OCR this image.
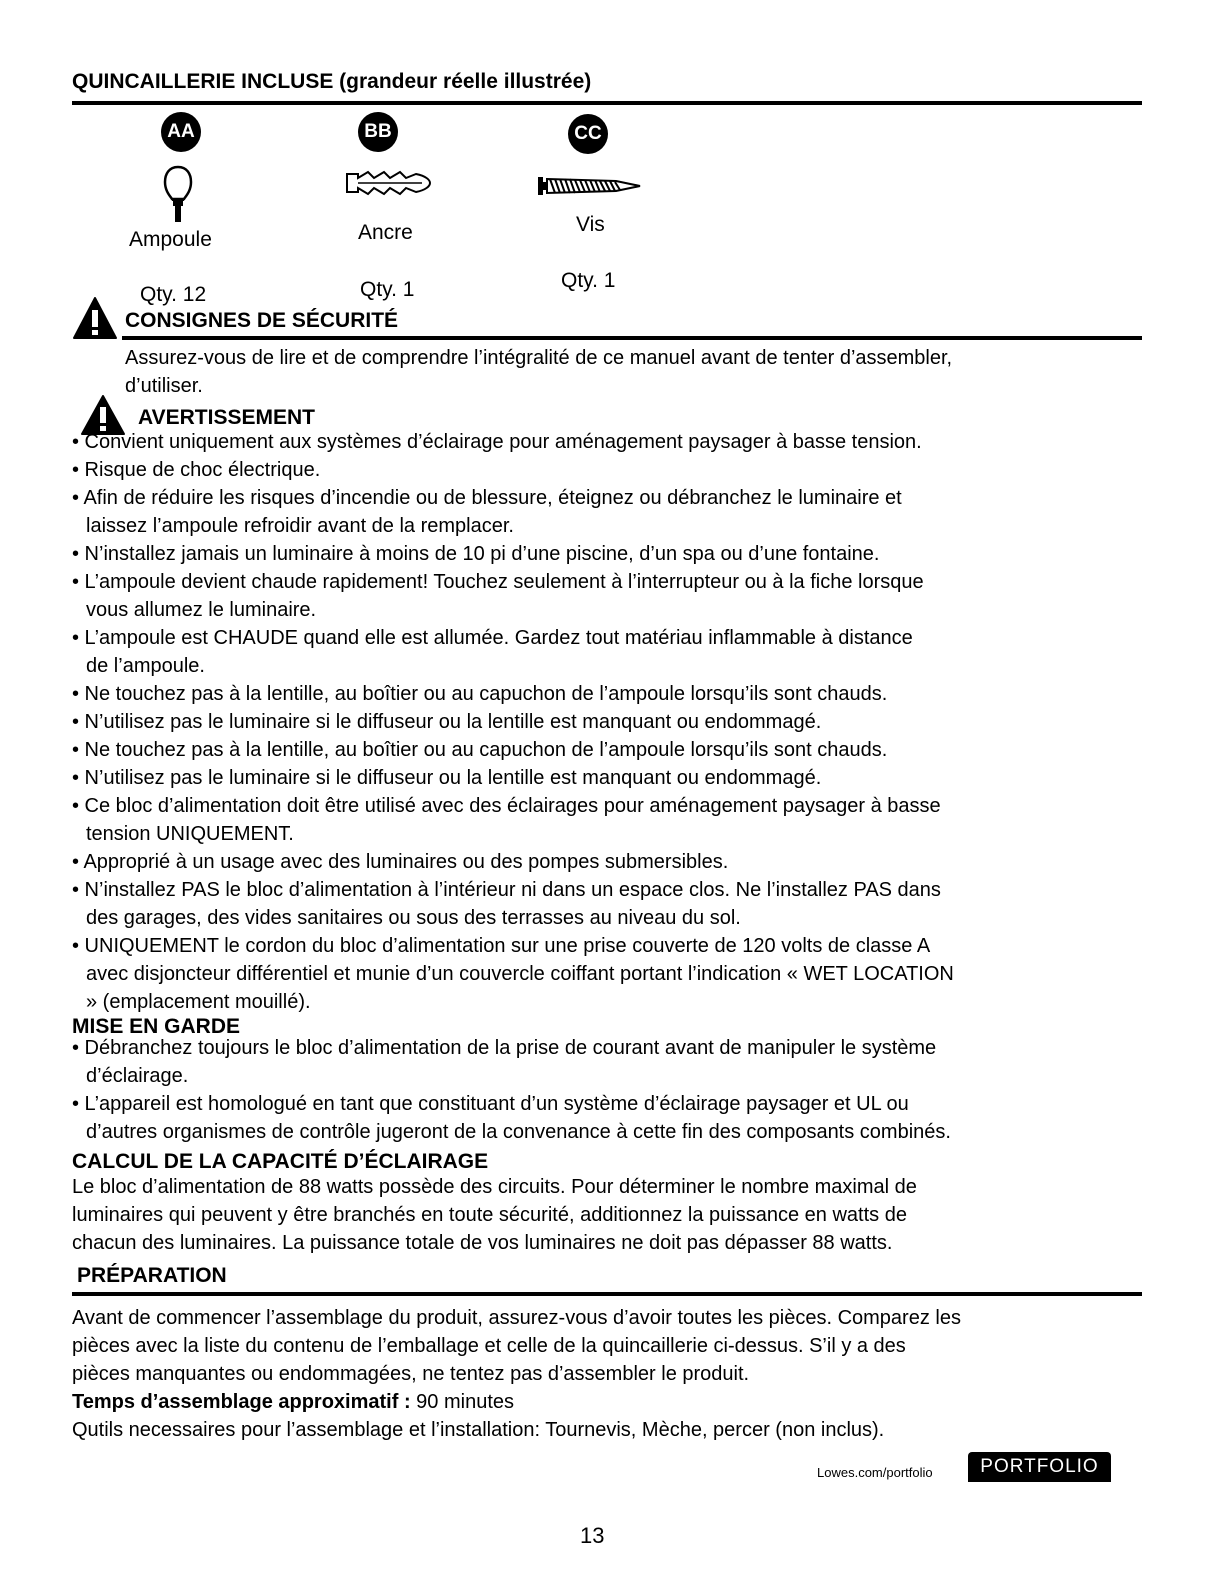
QUINCAILLERIE INCLUSE (grandeur réelle illustrée)
AA	BB	CC
Ampoule	Ancre	Vis
Qty. 12	Qty. 1	Qty. 1
CONSIGNES DE SÉCURITÉ
Assurez-vous de lire et de comprendre l’intégralité de ce manuel avant de tenter d’assembler,
d’utiliser.
AVERTISSEMENT
• Convient uniquement aux systèmes d’éclairage pour aménagement paysager à basse tension.
• Risque de choc électrique.
• Afin de réduire les risques d’incendie ou de blessure, éteignez ou débranchez le luminaire et
laissez l’ampoule refroidir avant de la remplacer.
• N’installez jamais un luminaire à moins de 10 pi d’une piscine, d’un spa ou d’une fontaine.
• L’ampoule devient chaude rapidement! Touchez seulement à l’interrupteur ou à la fiche lorsque
vous allumez le luminaire.
• L’ampoule est CHAUDE quand elle est allumée. Gardez tout matériau inflammable à distance
de l’ampoule.
• Ne touchez pas à la lentille, au boîtier ou au capuchon de l’ampoule lorsqu’ils sont chauds.
• N’utilisez pas le luminaire si le diffuseur ou la lentille est manquant ou endommagé.
• Ne touchez pas à la lentille, au boîtier ou au capuchon de l’ampoule lorsqu’ils sont chauds.
• N’utilisez pas le luminaire si le diffuseur ou la lentille est manquant ou endommagé.
• Ce bloc d’alimentation doit être utilisé avec des éclairages pour aménagement paysager à basse
tension UNIQUEMENT.
• Approprié à un usage avec des luminaires ou des pompes submersibles.
• N’installez PAS le bloc d’alimentation à l’intérieur ni dans un espace clos. Ne l’installez PAS dans
des garages, des vides sanitaires ou sous des terrasses au niveau du sol.
• UNIQUEMENT le cordon du bloc d’alimentation sur une prise couverte de 120 volts de classe A
avec disjoncteur différentiel et munie d’un couvercle coiffant portant l’indication « WET LOCATION
» (emplacement mouillé).
MISE EN GARDE
• Débranchez toujours le bloc d’alimentation de la prise de courant avant de manipuler le système
d’éclairage.
• L’appareil est homologué en tant que constituant d’un système d’éclairage paysager et UL ou
d’autres organismes de contrôle jugeront de la convenance à cette fin des composants combinés.
CALCUL DE LA CAPACITÉ D’ÉCLAIRAGE
Le bloc d’alimentation de 88 watts possède des circuits. Pour déterminer le nombre maximal de
luminaires qui peuvent y être branchés en toute sécurité, additionnez la puissance en watts de
chacun des luminaires. La puissance totale de vos luminaires ne doit pas dépasser 88 watts.
PRÉPARATION
Avant de commencer l’assemblage du produit, assurez-vous d’avoir toutes les pièces. Comparez les
pièces avec la liste du contenu de l’emballage et celle de la quincaillerie ci-dessus. S’il y a des
pièces manquantes ou endommagées, ne tentez pas d’assembler le produit.
Temps d’assemblage approximatif : 90 minutes
Qutils necessaires pour l’assemblage et l’installation: Tournevis, Mèche, percer (non inclus).
Lowes.com/portfolio	PORTFOLIO
13
